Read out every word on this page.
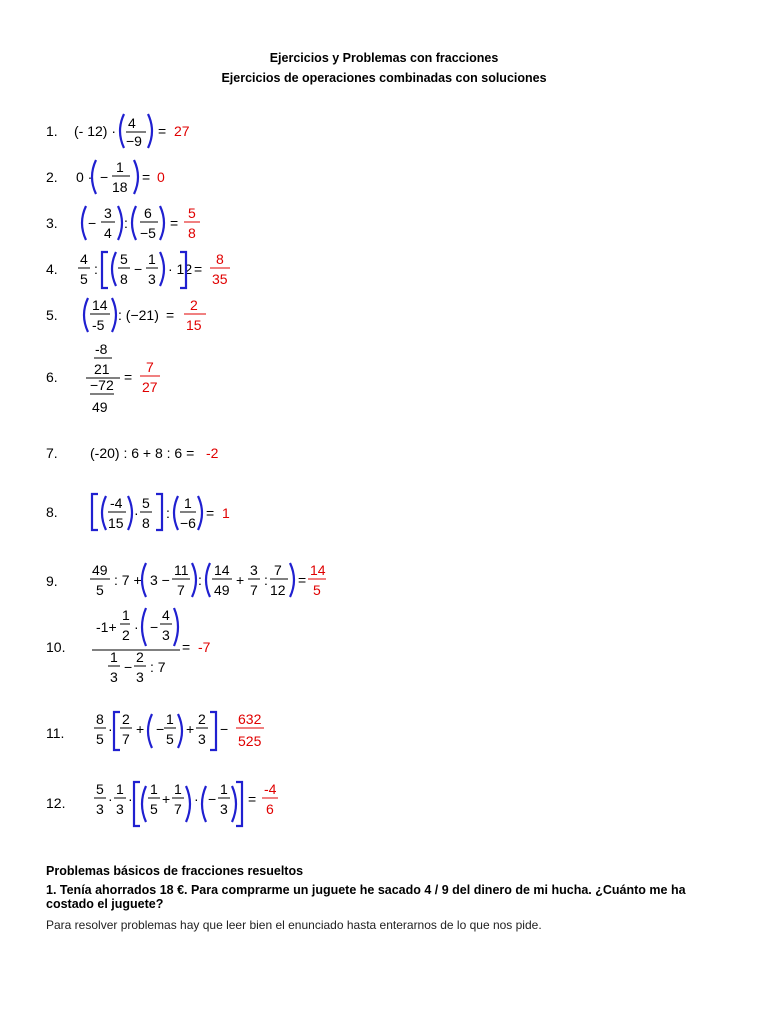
Ejercicios y Problemas con fracciones
Ejercicios de operaciones combinadas con soluciones
1.
2.
3.
4.
5.
6.
7.
8.
9.
10.
11.
12.
(- 12) · 4
−9
= 27
0 · −
1
18
= 0
−
3
4
:
6
−5
=
5
8
4
5
:
5
8
−
1
3
· 12 =
8
35
14
-5
: (−21) =
2
15
-8
21
−72
49
=
7
27
(-20) : 6 + 8 : 6 = -2
-4
15
·
5
8
:
1
−6
= 1
49
5
: 7 + 3 −
11
7
:
14
49
+
3
7
:
7
12
=
14
5
-1+
1
2 · −
4
3
1
3
−
2
3
: 7
= -7
8
5
·
2
7
+ −
1
5
+
2
3
−
632
525
5
3
·
1
3
·
1
5
+
1
7
· −
1
3
=
-4
6
Problemas básicos de fracciones resueltos
1. Tenía ahorrados 18 €. Para comprarme un juguete he sacado 4 / 9 del dinero de mi hucha. ¿Cuánto me ha costado el juguete?
Para resolver problemas hay que leer bien el enunciado hasta enterarnos de lo que nos pide.
